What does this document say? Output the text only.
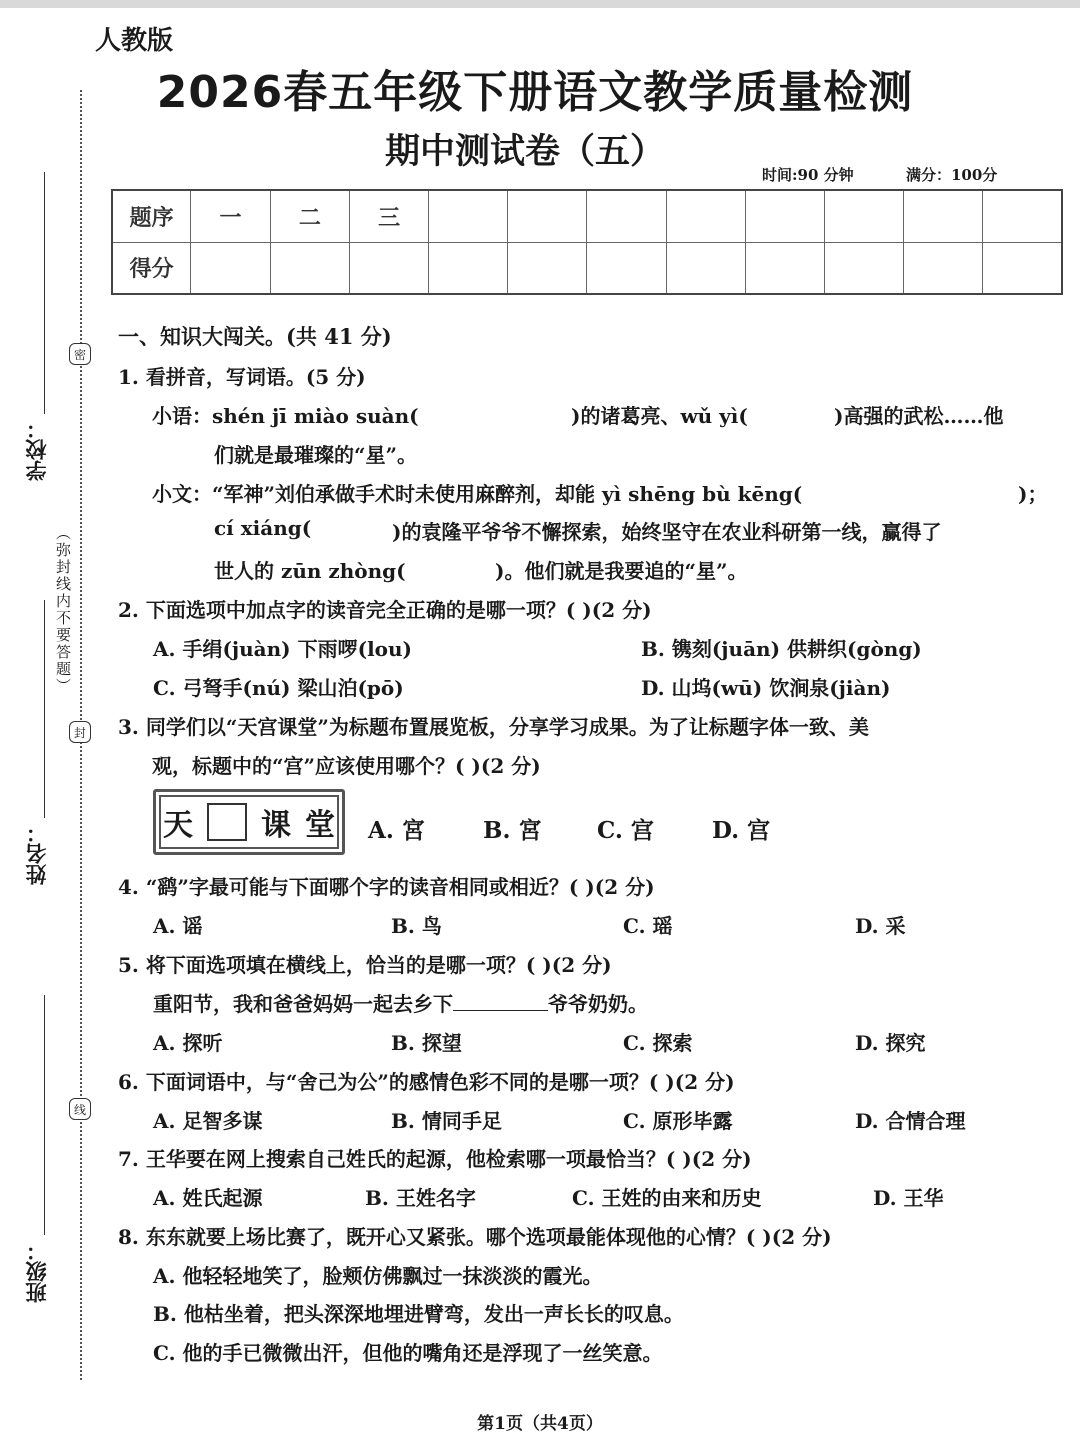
学校：
姓名：
班级：
密
封
线
（弥封线内不要答题）
人教版
2026春五年级下册语文教学质量检测
期中测试卷（五）
时间:90 分钟	满分：100分
题序	一	二	三								
得分											
一、知识大闯关。(共 41 分)
1. 看拼音，写词语。(5 分)
小语：shén jī miào suàn(	)的诸葛亮、wǔ yì(	)高强的武松……他
们就是最璀璨的“星”。
小文：“军神”刘伯承做手术时未使用麻醉剂，却能 yì shēng bù kēng(	)；
cí xiáng(	)的袁隆平爷爷不懈探索，始终坚守在农业科研第一线，赢得了
世人的 zūn zhòng(	)。他们就是我要追的“星”。
2. 下面选项中加点字的读音完全正确的是哪一项？( )(2 分)
A. 手绢(juàn) 下雨啰(lou)	B. 镌刻(juān) 供耕织(gòng)
C. 弓弩手(nú) 梁山泊(pō)	D. 山坞(wū) 饮涧泉(jiàn)
3. 同学们以“天宫课堂”为标题布置展览板，分享学习成果。为了让标题字体一致、美
观，标题中的“宫”应该使用哪个？( )(2 分)
天 课 堂 A. 宮	B. 宮 C. 宫	D. 宫
4. “鹞”字最可能与下面哪个字的读音相同或相近？( )(2 分)
A. 谣	B. 鸟	C. 瑶	D. 采
5. 将下面选项填在横线上，恰当的是哪一项？( )(2 分)
重阳节，我和爸爸妈妈一起去乡下	爷爷奶奶。
A. 探听	B. 探望	C. 探索	D. 探究
6. 下面词语中，与“舍己为公”的感情色彩不同的是哪一项？( )(2 分)
A. 足智多谋	B. 情同手足	C. 原形毕露	D. 合情合理
7. 王华要在网上搜索自己姓氏的起源，他检索哪一项最恰当？( )(2 分)
A. 姓氏起源	B. 王姓名字	C. 王姓的由来和历史	D. 王华
8. 东东就要上场比赛了，既开心又紧张。哪个选项最能体现他的心情？( )(2 分)
A. 他轻轻地笑了，脸颊仿佛飘过一抹淡淡的霞光。
B. 他枯坐着，把头深深地埋进臂弯，发出一声长长的叹息。
C. 他的手已微微出汗，但他的嘴角还是浮现了一丝笑意。
第1页（共4页）
